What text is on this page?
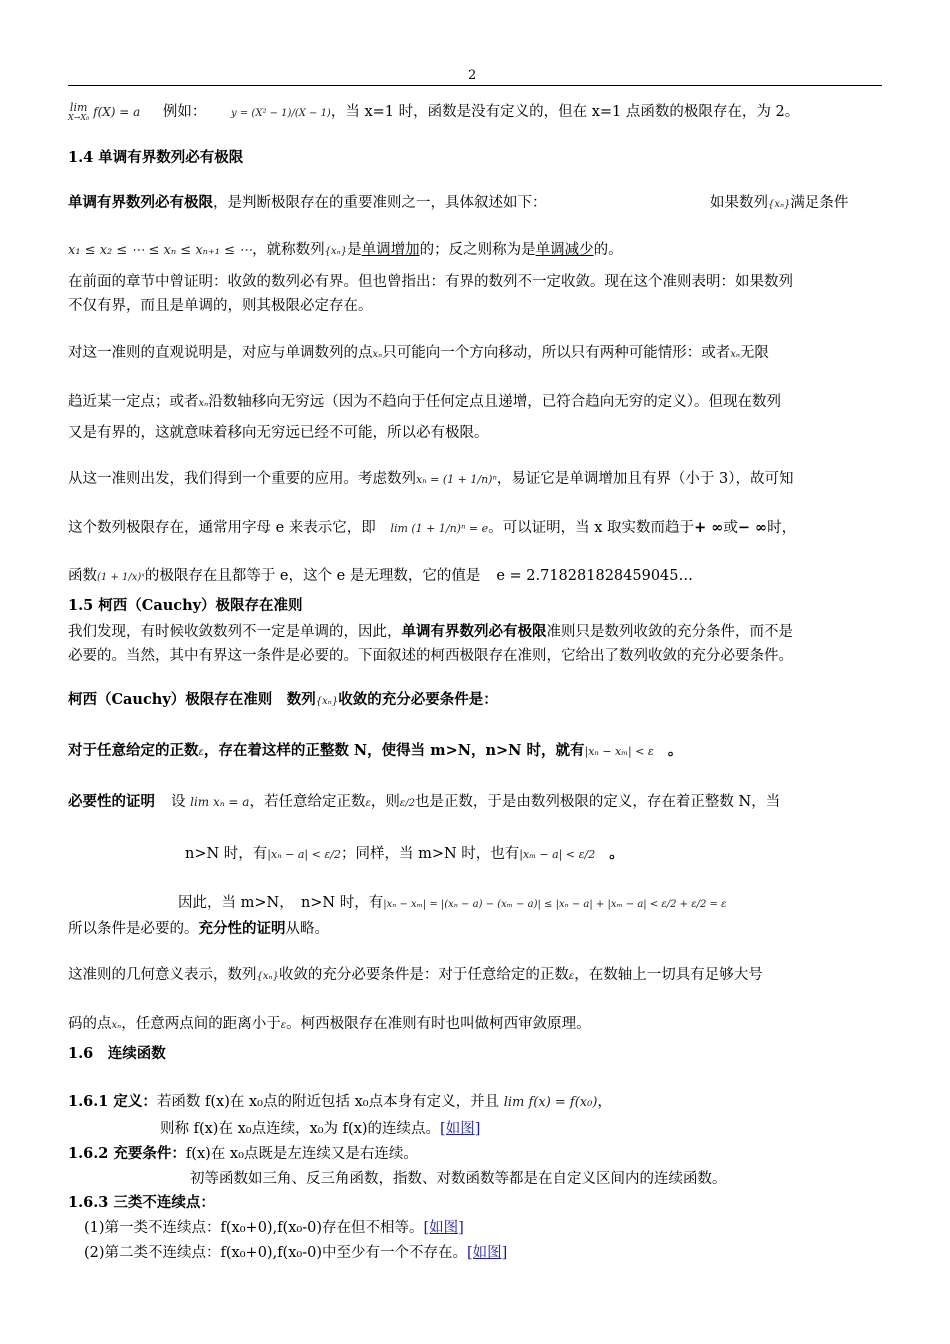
2
lim
X→X₀ f(X) = a 例如： y = (X² − 1)/(X − 1)，当 x=1 时，函数是没有定义的，但在 x=1 点函数的极限存在，为 2。
1.4 单调有界数列必有极限
单调有界数列必有极限，是判断极限存在的重要准则之一，具体叙述如下：	如果数列{xₙ}满足条件
x₁ ≤ x₂ ≤ ⋯ ≤ xₙ ≤ xₙ₊₁ ≤ ⋯，就称数列{xₙ}是单调增加的；反之则称为是单调减少的。
在前面的章节中曾证明：收敛的数列必有界。但也曾指出：有界的数列不一定收敛。现在这个准则表明：如果数列
不仅有界，而且是单调的，则其极限必定存在。
对这一准则的直观说明是，对应与单调数列的点xₙ只可能向一个方向移动，所以只有两种可能情形：或者xₙ无限
趋近某一定点；或者xₙ沿数轴移向无穷远（因为不趋向于任何定点且递增，已符合趋向无穷的定义）。但现在数列
又是有界的，这就意味着移向无穷远已经不可能，所以必有极限。
从这一准则出发，我们得到一个重要的应用。考虑数列xₙ = (1 + 1/n)ⁿ，易证它是单调增加且有界（小于 3），故可知
这个数列极限存在，通常用字母 e 来表示它，即 lim (1 + 1/n)ⁿ = e。可以证明，当 x 取实数而趋于+ ∞或− ∞时，
函数(1 + 1/x)ˣ的极限存在且都等于 e，这个 e 是无理数，它的值是 e = 2.718281828459045…
1.5 柯西（Cauchy）极限存在准则
我们发现，有时候收敛数列不一定是单调的，因此，单调有界数列必有极限准则只是数列收敛的充分条件，而不是
必要的。当然，其中有界这一条件是必要的。下面叙述的柯西极限存在准则，它给出了数列收敛的充分必要条件。
柯西（Cauchy）极限存在准则　数列{xₙ}收敛的充分必要条件是：
对于任意给定的正数ε，存在着这样的正整数 N，使得当 m>N，n>N 时，就有|xₙ − xₘ| < ε 。
必要性的证明 设 lim xₙ = a，若任意给定正数ε，则ε/2也是正数，于是由数列极限的定义，存在着正整数 N，当
n>N 时，有|xₙ − a| < ε/2；同样，当 m>N 时，也有|xₘ − a| < ε/2 。
因此，当 m>N，　n>N 时，有|xₙ − xₘ| = |(xₙ − a) − (xₘ − a)| ≤ |xₙ − a| + |xₘ − a| < ε/2 + ε/2 = ε
所以条件是必要的。充分性的证明从略。
这准则的几何意义表示，数列{xₙ}收敛的充分必要条件是：对于任意给定的正数ε，在数轴上一切具有足够大号
码的点xₙ，任意两点间的距离小于ε。柯西极限存在准则有时也叫做柯西审敛原理。
1.6　连续函数
1.6.1 定义：若函数 f(x)在 x₀点的附近包括 x₀点本身有定义，并且 lim f(x) = f(x₀)，
则称 f(x)在 x₀点连续，x₀为 f(x)的连续点。[如图]
1.6.2 充要条件：f(x)在 x₀点既是左连续又是右连续。
初等函数如三角、反三角函数，指数、对数函数等都是在自定义区间内的连续函数。
1.6.3 三类不连续点：
(1)第一类不连续点：f(x₀+0),f(x₀-0)存在但不相等。[如图]
(2)第二类不连续点：f(x₀+0),f(x₀-0)中至少有一个不存在。[如图]
